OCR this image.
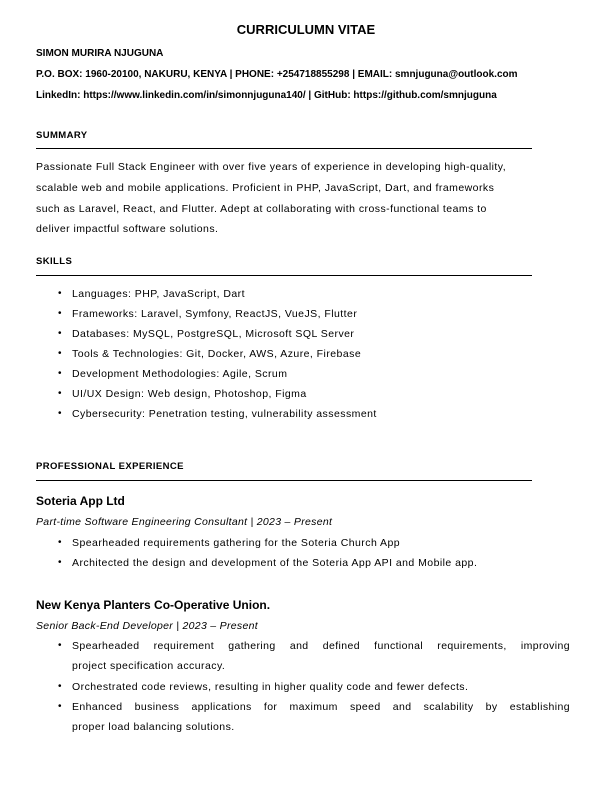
CURRICULUMN VITAE
SIMON MURIRA NJUGUNA
P.O. BOX: 1960-20100, NAKURU, KENYA | PHONE: +254718855298 | EMAIL: smnjuguna@outlook.com
LinkedIn: https://www.linkedin.com/in/simonnjuguna140/ | GitHub: https://github.com/smnjuguna
SUMMARY
Passionate Full Stack Engineer with over five years of experience in developing high-quality,
scalable web and mobile applications. Proficient in PHP, JavaScript, Dart, and frameworks
such as Laravel, React, and Flutter. Adept at collaborating with cross-functional teams to
deliver impactful software solutions.
SKILLS
• Languages: PHP, JavaScript, Dart
• Frameworks: Laravel, Symfony, ReactJS, VueJS, Flutter
• Databases: MySQL, PostgreSQL, Microsoft SQL Server
• Tools & Technologies: Git, Docker, AWS, Azure, Firebase
• Development Methodologies: Agile, Scrum
• UI/UX Design: Web design, Photoshop, Figma
• Cybersecurity: Penetration testing, vulnerability assessment
PROFESSIONAL EXPERIENCE
Soteria App Ltd
Part-time Software Engineering Consultant | 2023 – Present
• Spearheaded requirements gathering for the Soteria Church App
• Architected the design and development of the Soteria App API and Mobile app.
New Kenya Planters Co-Operative Union.
Senior Back-End Developer | 2023 – Present
• Spearheaded requirement gathering and defined functional requirements, improving
project specification accuracy.
• Orchestrated code reviews, resulting in higher quality code and fewer defects.
• Enhanced business applications for maximum speed and scalability by establishing
proper load balancing solutions.
